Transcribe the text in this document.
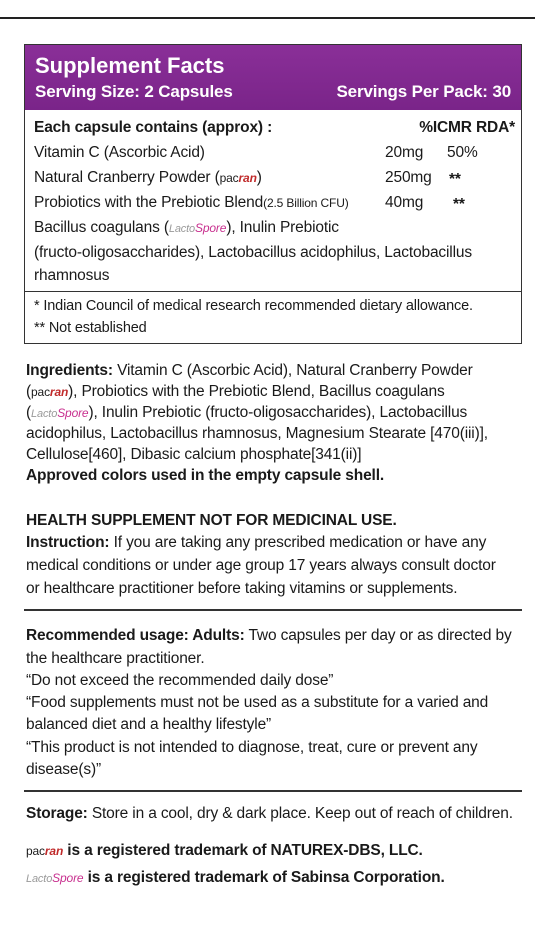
Supplement Facts
Serving Size: 2 Capsules	Servings Per Pack: 30
Each capsule contains (approx) :	%ICMR RDA*
Vitamin C (Ascorbic Acid)	20mg 50%
Natural Cranberry Powder (pacran)	250mg **
Probiotics with the Prebiotic Blend(2.5 Billion CFU) 40mg **
Bacillus coagulans (LactoSpore), Inulin Prebiotic
(fructo-oligosaccharides), Lactobacillus acidophilus, Lactobacillus
rhamnosus
* Indian Council of medical research recommended dietary allowance.
** Not established
Ingredients: Vitamin C (Ascorbic Acid), Natural Cranberry Powder
(pacran), Probiotics with the Prebiotic Blend, Bacillus coagulans
(LactoSpore), Inulin Prebiotic (fructo-oligosaccharides), Lactobacillus
acidophilus, Lactobacillus rhamnosus, Magnesium Stearate [470(iii)],
Cellulose[460], Dibasic calcium phosphate[341(ii)]
Approved colors used in the empty capsule shell.
HEALTH SUPPLEMENT NOT FOR MEDICINAL USE.
Instruction: If you are taking any prescribed medication or have any
medical conditions or under age group 17 years always consult doctor
or healthcare practitioner before taking vitamins or supplements.
Recommended usage: Adults: Two capsules per day or as directed by
the healthcare practitioner.
“Do not exceed the recommended daily dose”
“Food supplements must not be used as a substitute for a varied and
balanced diet and a healthy lifestyle”
“This product is not intended to diagnose, treat, cure or prevent any
disease(s)”
Storage: Store in a cool, dry & dark place. Keep out of reach of children.
pacran is a registered trademark of NATUREX-DBS, LLC.
LactoSpore is a registered trademark of Sabinsa Corporation.
